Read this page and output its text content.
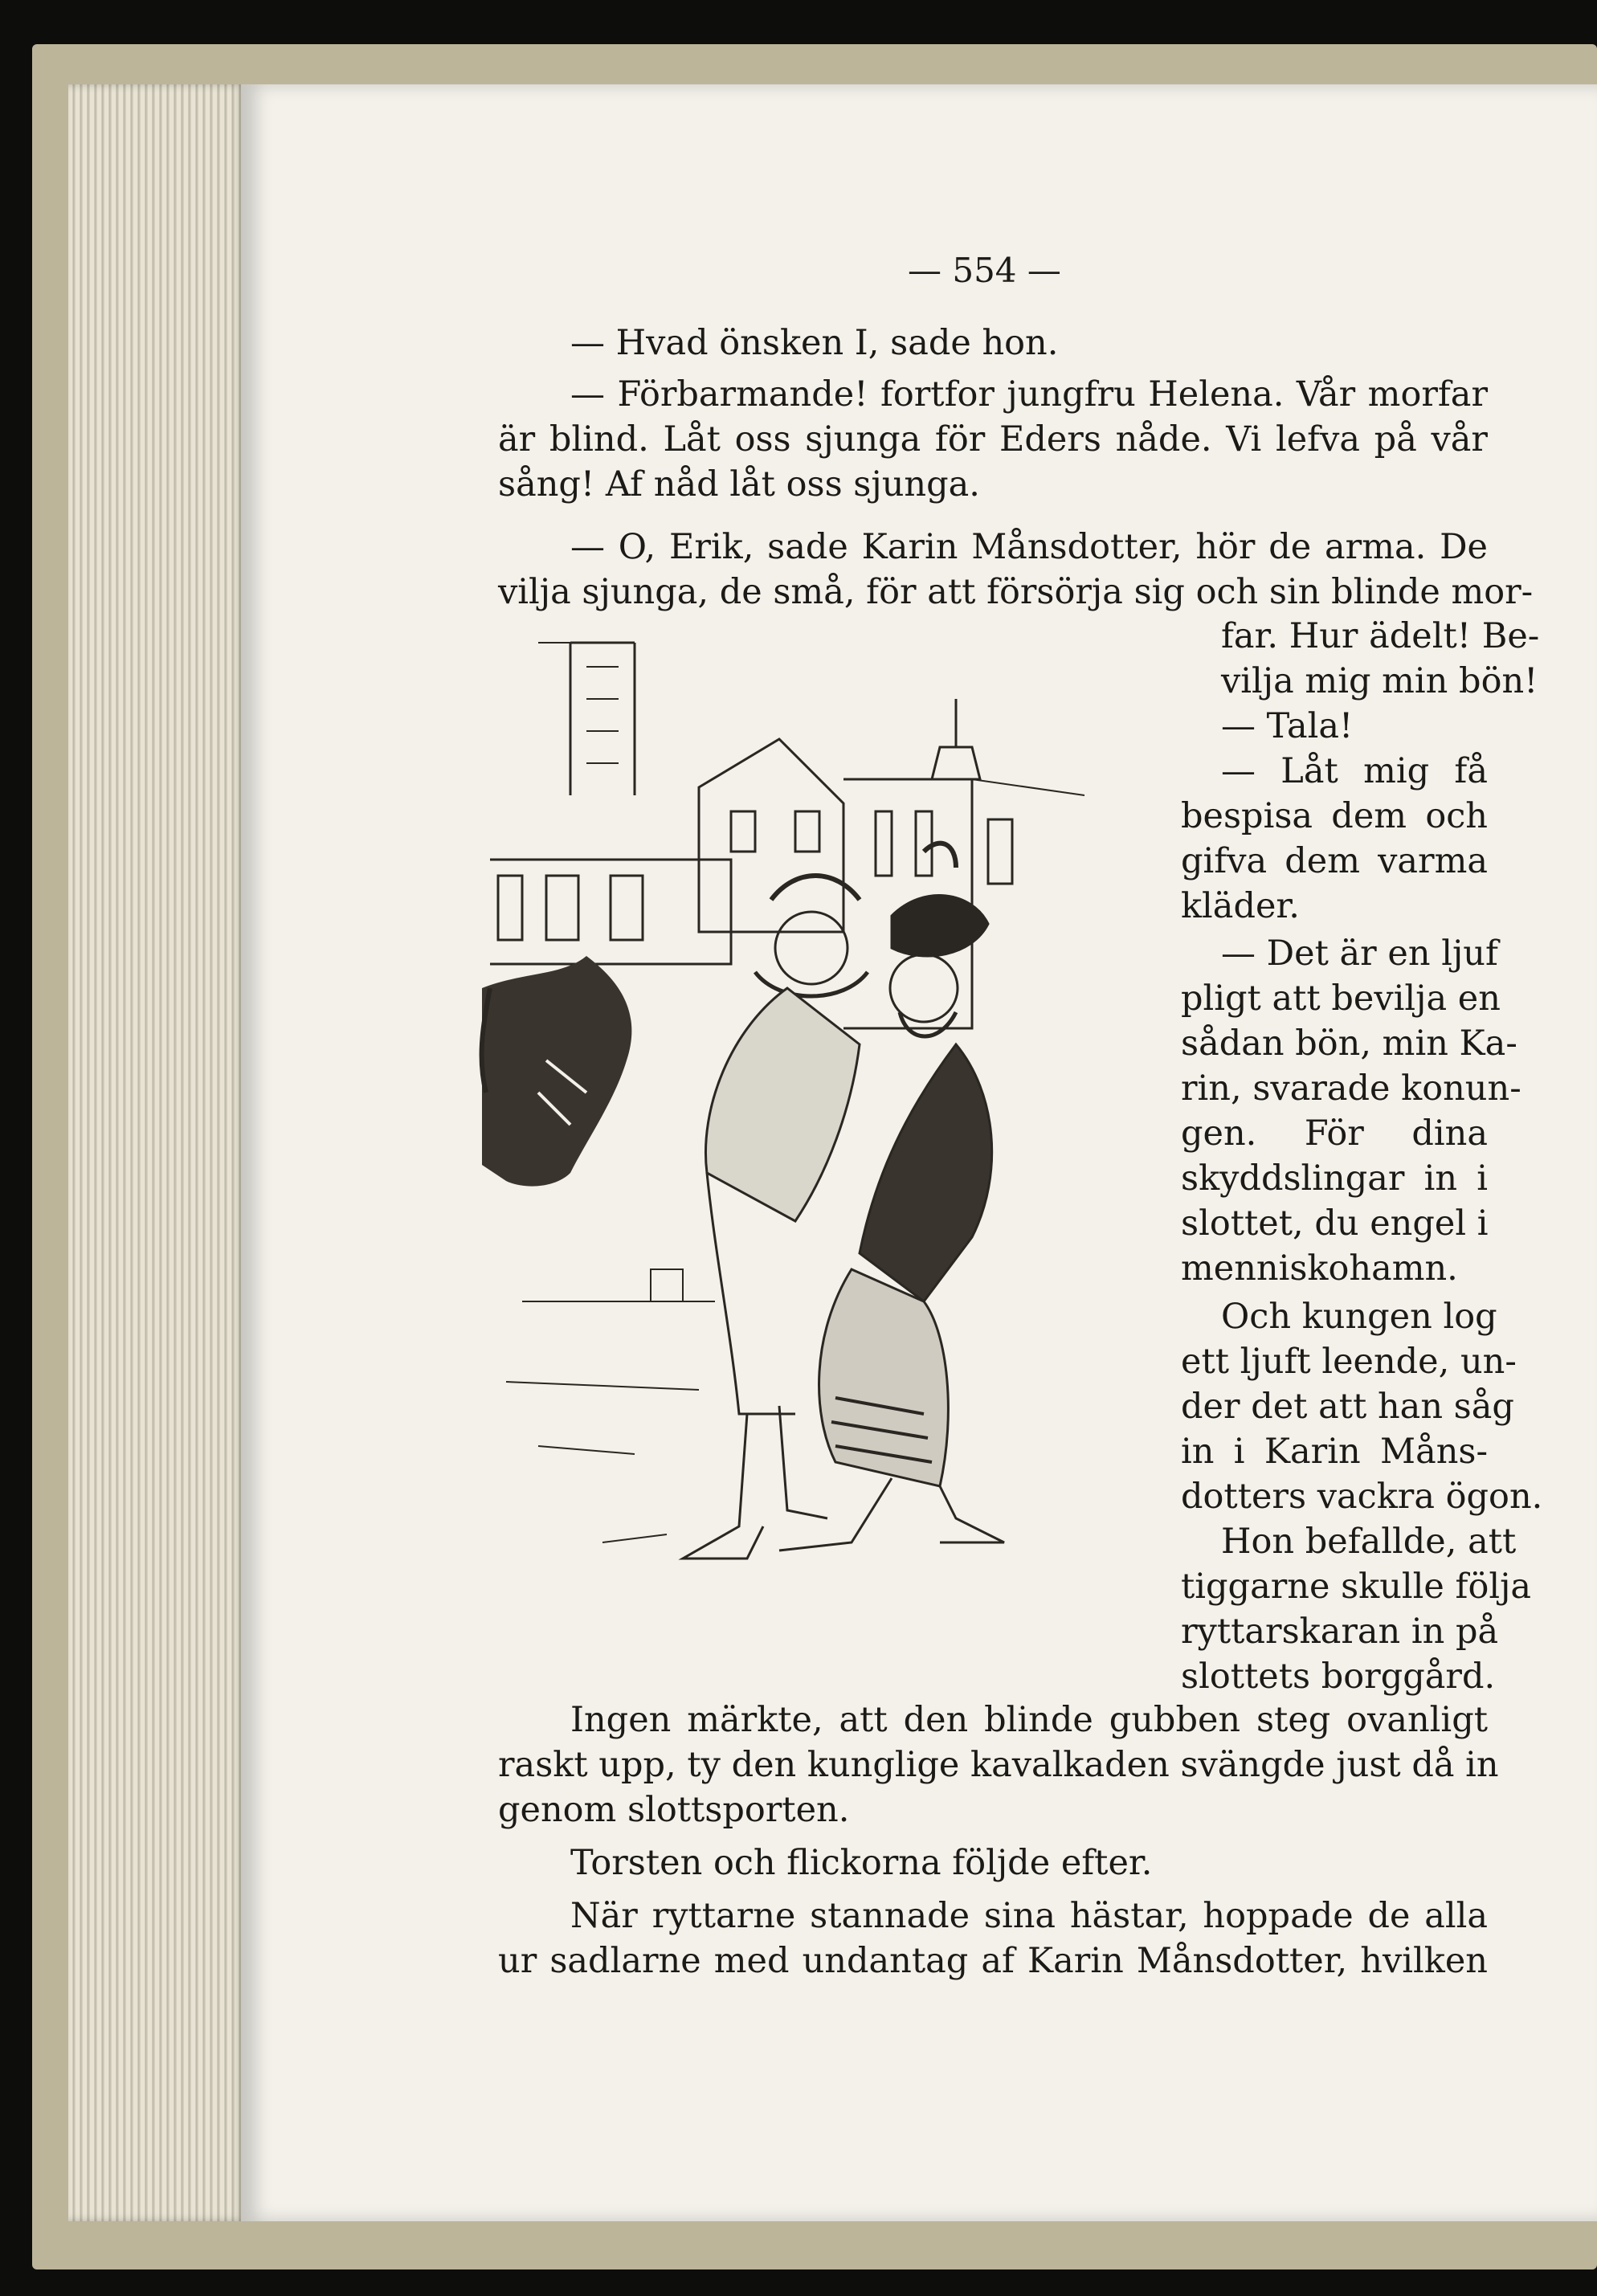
— 554 —

— Hvad önsken I, sade hon.

— Förbarmande! fortfor jungfru Helena. Vår morfar

är blind. Låt oss sjunga för Eders nåde. Vi lefva på vår

sång! Af nåd låt oss sjunga.

— O, Erik, sade Karin Månsdotter, hör de arma. De

vilja sjunga, de små, för att försörja sig och sin blinde mor-

far. Hur ädelt! Be-

vilja mig min bön!

— Tala!

— Låt mig få

bespisa dem och

gifva dem varma

kläder.

— Det är en ljuf

pligt att bevilja en

sådan bön, min Ka-

rin, svarade konun-

gen. För dina

skyddslingar in i

slottet, du engel i

menniskohamn.

Och kungen log

ett ljuft leende, un-

der det att han såg

in i Karin Måns-

dotters vackra ögon.

Hon befallde, att

tiggarne skulle följa

ryttarskaran in på

slottets borggård.

Ingen märkte, att den blinde gubben steg ovanligt

raskt upp, ty den kunglige kavalkaden svängde just då in

genom slottsporten.

Torsten och flickorna följde efter.

När ryttarne stannade sina hästar, hoppade de alla

ur sadlarne med undantag af Karin Månsdotter, hvilken
